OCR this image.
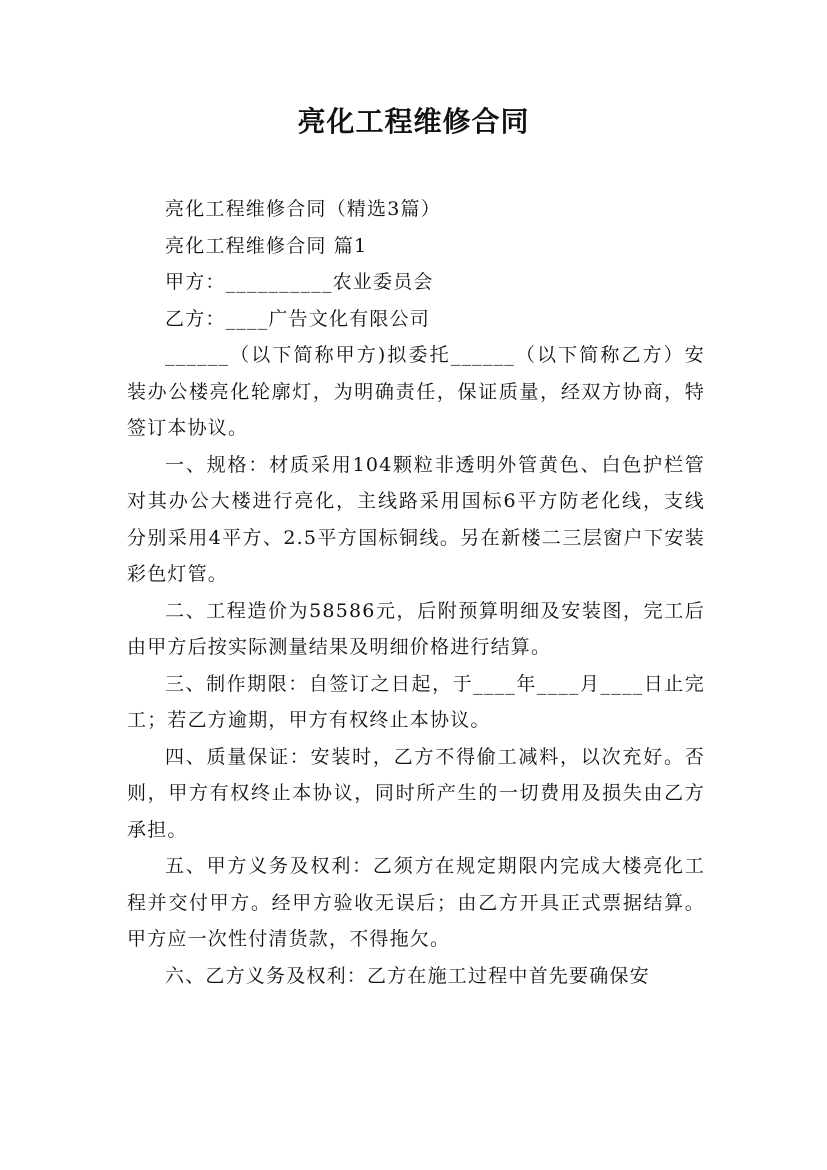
亮化工程维修合同

亮化工程维修合同（精选3篇）

亮化工程维修合同 篇1

甲方：__________农业委员会

乙方：____广告文化有限公司

______（以下简称甲方)拟委托______（以下简称乙方）安装办公楼亮化轮廓灯，为明确责任，保证质量，经双方协商，特签订本协议。

一、规格：材质采用104颗粒非透明外管黄色、白色护栏管对其办公大楼进行亮化，主线路采用国标6平方防老化线，支线分别采用4平方、2.5平方国标铜线。另在新楼二三层窗户下安装彩色灯管。

二、工程造价为58586元，后附预算明细及安装图，完工后由甲方后按实际测量结果及明细价格进行结算。

三、制作期限：自签订之日起，于____年____月____日止完工；若乙方逾期，甲方有权终止本协议。

四、质量保证：安装时，乙方不得偷工减料，以次充好。否则，甲方有权终止本协议，同时所产生的一切费用及损失由乙方承担。

五、甲方义务及权利：乙须方在规定期限内完成大楼亮化工程并交付甲方。经甲方验收无误后；由乙方开具正式票据结算。甲方应一次性付清货款，不得拖欠。

六、乙方义务及权利：乙方在施工过程中首先要确保安
